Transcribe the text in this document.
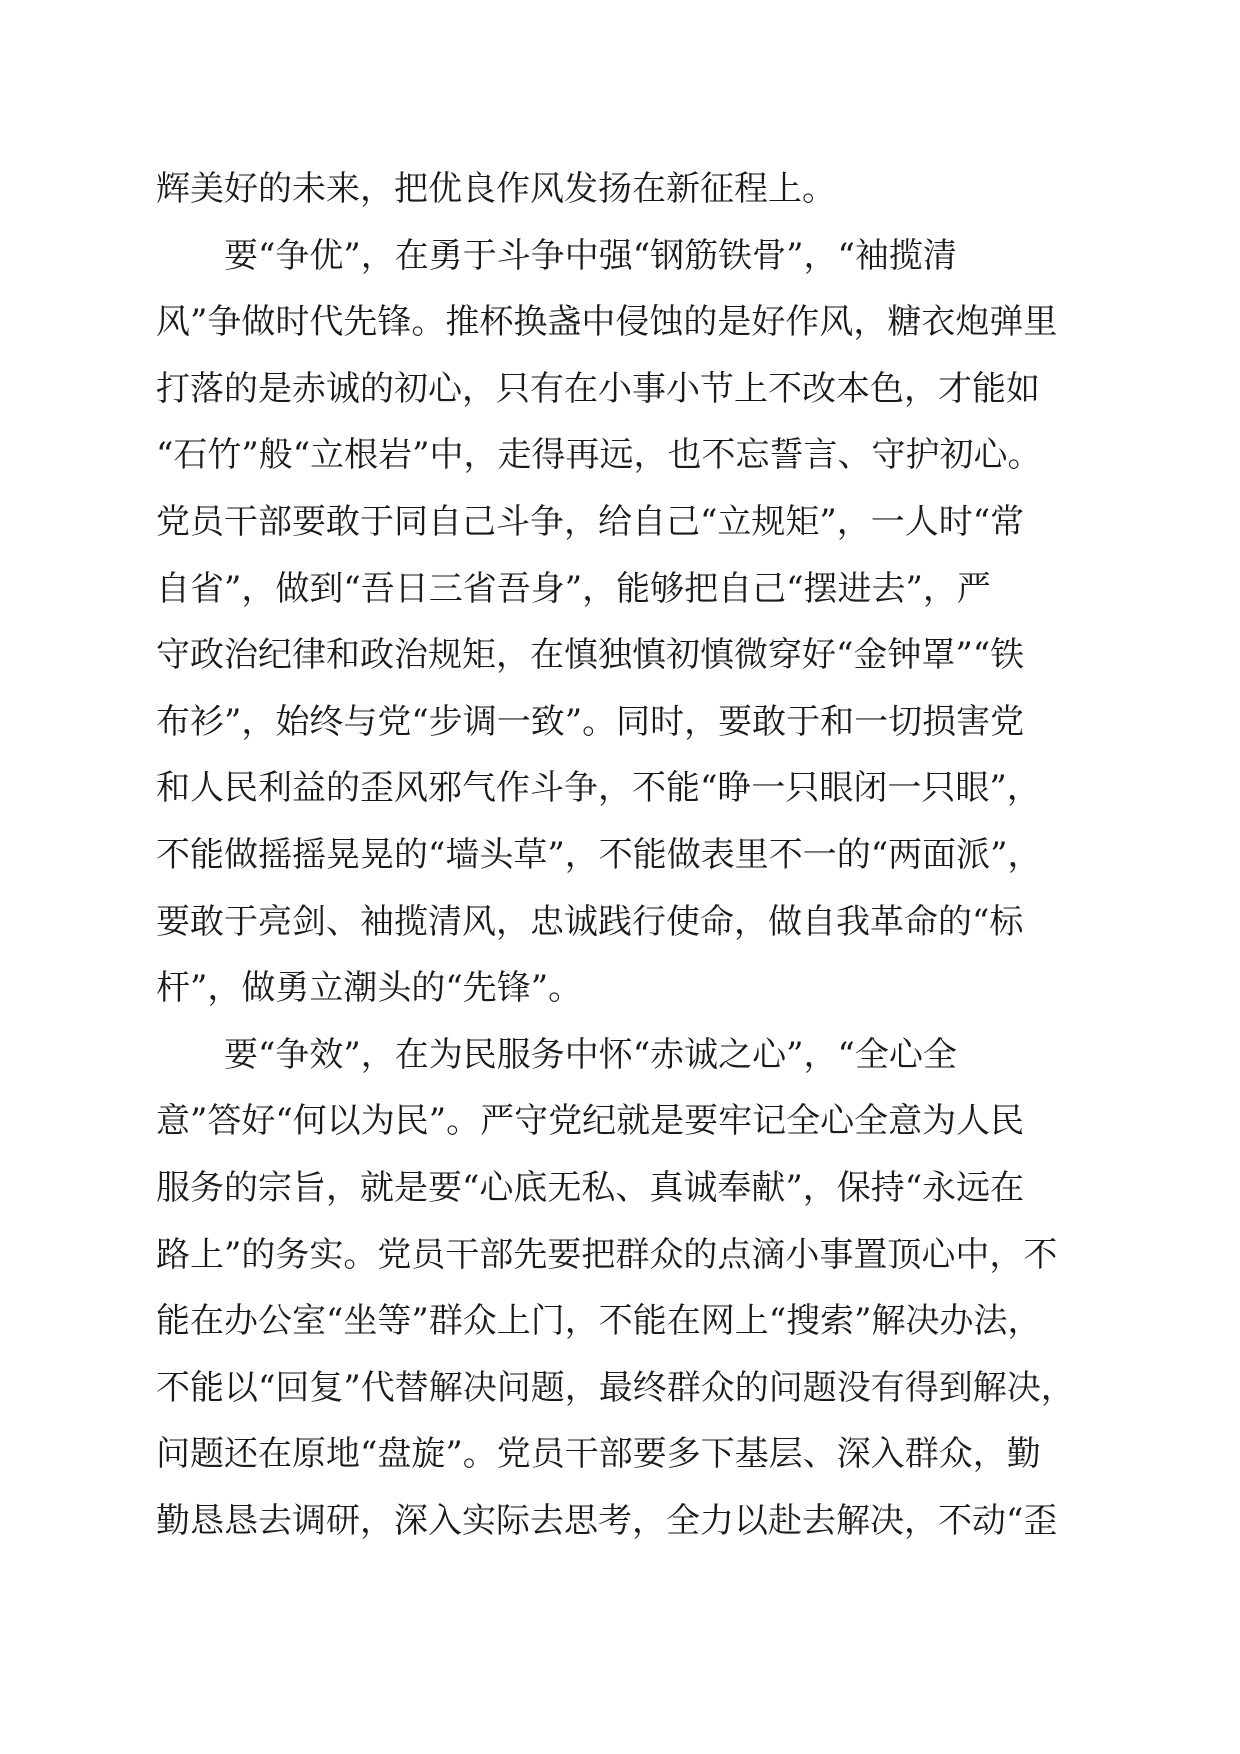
辉美好的未来，把优良作风发扬在新征程上。
要“争优”，在勇于斗争中强“钢筋铁骨”，“袖揽清
风”争做时代先锋。推杯换盏中侵蚀的是好作风，糖衣炮弹里
打落的是赤诚的初心，只有在小事小节上不改本色，才能如
“石竹”般“立根岩”中，走得再远，也不忘誓言、守护初心。
党员干部要敢于同自己斗争，给自己“立规矩”，一人时“常
自省”，做到“吾日三省吾身”，能够把自己“摆进去”，严
守政治纪律和政治规矩，在慎独慎初慎微穿好“金钟罩”“铁
布衫”，始终与党“步调一致”。同时，要敢于和一切损害党
和人民利益的歪风邪气作斗争，不能“睁一只眼闭一只眼”，
不能做摇摇晃晃的“墙头草”，不能做表里不一的“两面派”，
要敢于亮剑、袖揽清风，忠诚践行使命，做自我革命的“标
杆”，做勇立潮头的“先锋”。
要“争效”，在为民服务中怀“赤诚之心”，“全心全
意”答好“何以为民”。严守党纪就是要牢记全心全意为人民
服务的宗旨，就是要“心底无私、真诚奉献”，保持“永远在
路上”的务实。党员干部先要把群众的点滴小事置顶心中，不
能在办公室“坐等”群众上门，不能在网上“搜索”解决办法，
不能以“回复”代替解决问题，最终群众的问题没有得到解决，
问题还在原地“盘旋”。党员干部要多下基层、深入群众，勤
勤恳恳去调研，深入实际去思考，全力以赴去解决，不动“歪
